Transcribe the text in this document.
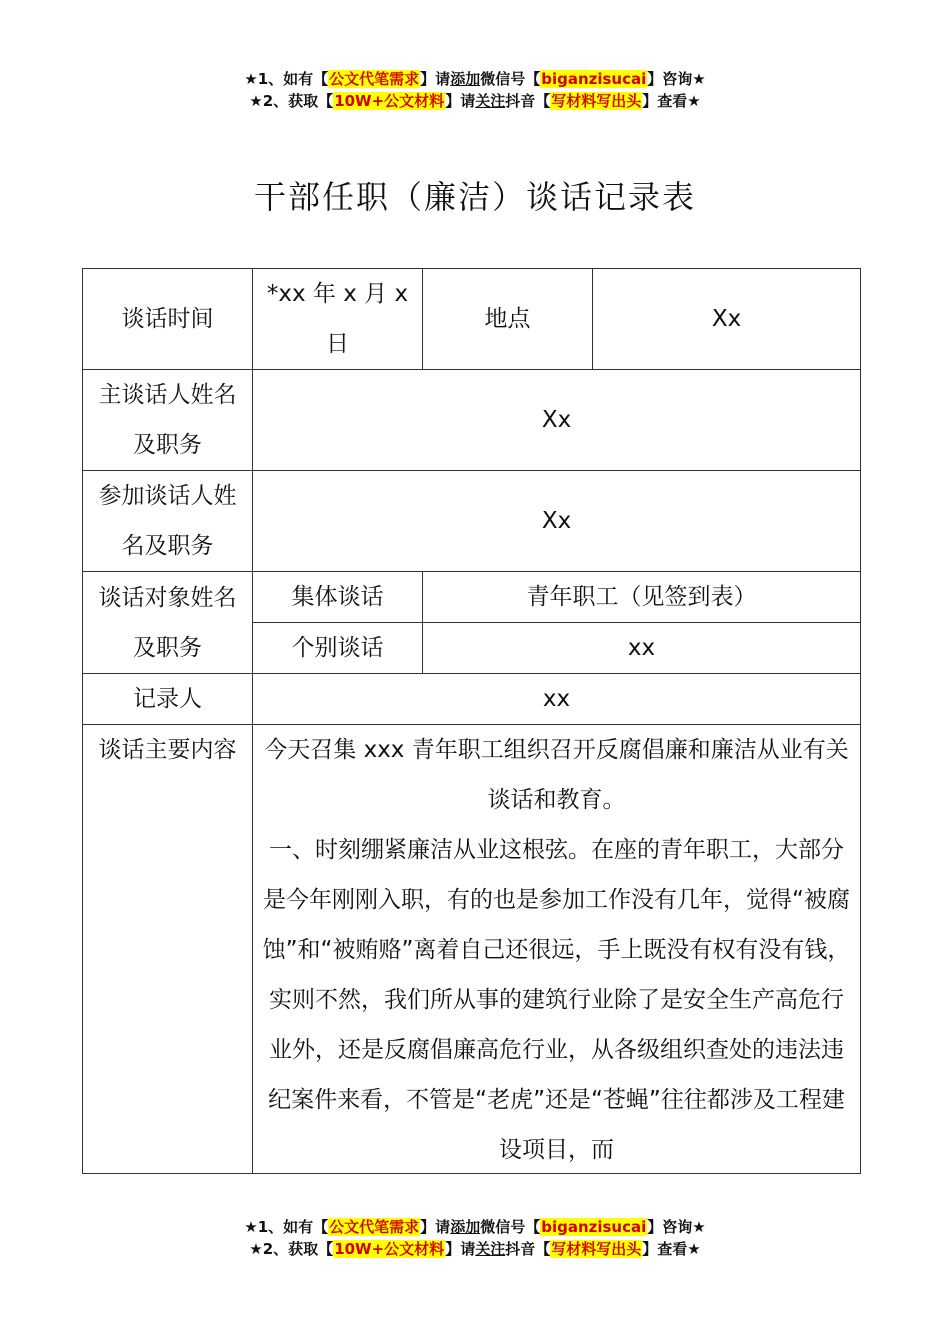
★1、如有【公文代笔需求】请添加微信号【biganzisucai】咨询★
★2、获取【10W+公文材料】请关注抖音【写材料写出头】查看★
干部任职（廉洁）谈话记录表
谈话时间	*xx 年 x 月 x 日	地点	Xx
主谈话人姓名及职务	Xx		
参加谈话人姓名及职务	Xx		
谈话对象姓名及职务	集体谈话	青年职工（见签到表）	
	个别谈话	xx	
记录人	xx		
谈话主要内容	今天召集 xxx 青年职工组织召开反腐倡廉和廉洁从业有关谈话和教育。

一、时刻绷紧廉洁从业这根弦。在座的青年职工，大部分是今年刚刚入职，有的也是参加工作没有几年，觉得“被腐蚀”和“被贿赂”离着自己还很远，手上既没有权有没有钱，实则不然，我们所从事的建筑行业除了是安全生产高危行业外，还是反腐倡廉高危行业，从各级组织查处的违法违纪案件来看，不管是“老虎”还是“苍蝇”往往都涉及工程建设项目，而		

★1、如有【公文代笔需求】请添加微信号【biganzisucai】咨询★
★2、获取【10W+公文材料】请关注抖音【写材料写出头】查看★
